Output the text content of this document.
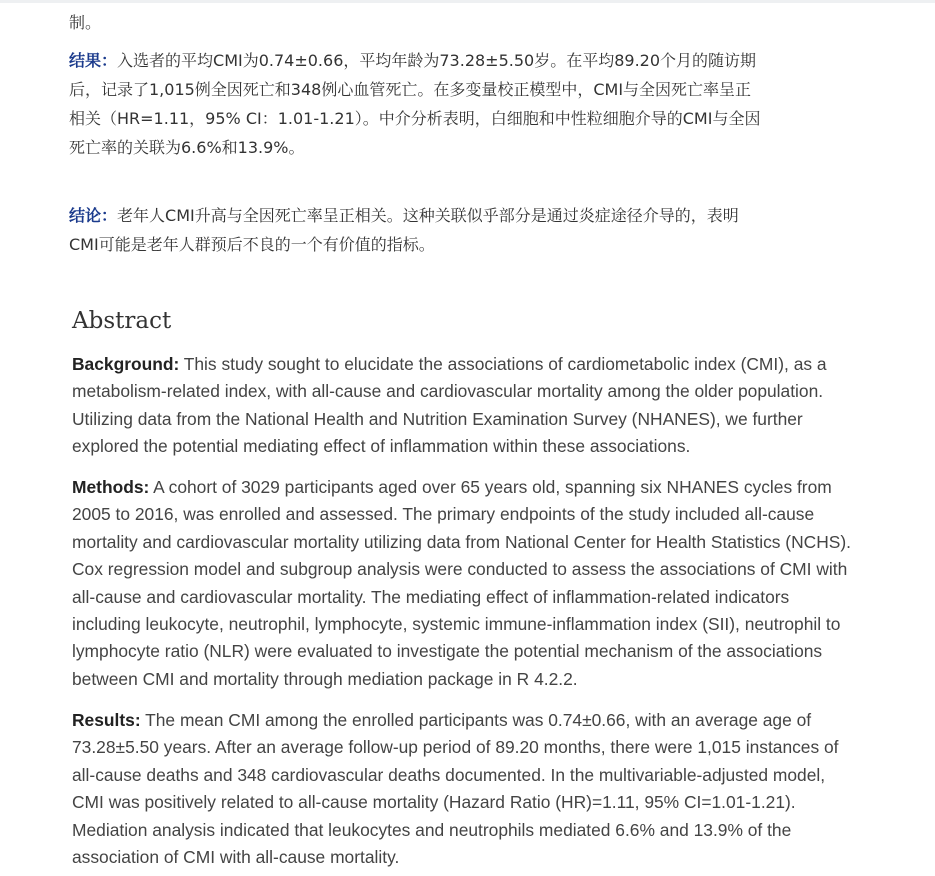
制。
结果：入选者的平均CMI为0.74±0.66，平均年龄为73.28±5.50岁。在平均89.20个月的随访期
后，记录了1,015例全因死亡和348例心血管死亡。在多变量校正模型中，CMI与全因死亡率呈正
相关（HR=1.11，95% CI：1.01-1.21）。中介分析表明，白细胞和中性粒细胞介导的CMI与全因
死亡率的关联为6.6%和13.9%。
结论：老年人CMI升高与全因死亡率呈正相关。这种关联似乎部分是通过炎症途径介导的，表明
CMI可能是老年人群预后不良的一个有价值的指标。
Abstract
Background: This study sought to elucidate the associations of cardiometabolic index (CMI), as a
metabolism-related index, with all-cause and cardiovascular mortality among the older population.
Utilizing data from the National Health and Nutrition Examination Survey (NHANES), we further
explored the potential mediating effect of inflammation within these associations.
Methods: A cohort of 3029 participants aged over 65 years old, spanning six NHANES cycles from
2005 to 2016, was enrolled and assessed. The primary endpoints of the study included all-cause
mortality and cardiovascular mortality utilizing data from National Center for Health Statistics (NCHS).
Cox regression model and subgroup analysis were conducted to assess the associations of CMI with
all-cause and cardiovascular mortality. The mediating effect of inflammation-related indicators
including leukocyte, neutrophil, lymphocyte, systemic immune-inflammation index (SII), neutrophil to
lymphocyte ratio (NLR) were evaluated to investigate the potential mechanism of the associations
between CMI and mortality through mediation package in R 4.2.2.
Results: The mean CMI among the enrolled participants was 0.74±0.66, with an average age of
73.28±5.50 years. After an average follow-up period of 89.20 months, there were 1,015 instances of
all-cause deaths and 348 cardiovascular deaths documented. In the multivariable-adjusted model,
CMI was positively related to all-cause mortality (Hazard Ratio (HR)=1.11, 95% CI=1.01-1.21).
Mediation analysis indicated that leukocytes and neutrophils mediated 6.6% and 13.9% of the
association of CMI with all-cause mortality.
